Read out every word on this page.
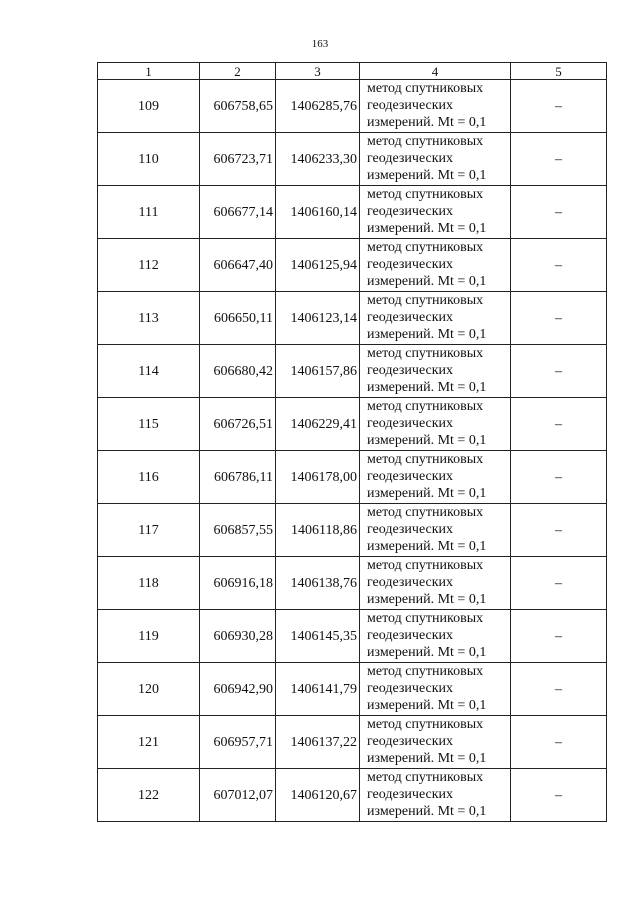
163
1	2	3	4	5
109	606758,65	1406285,76	метод спутниковых
геодезических
измерений. Mt = 0,1	–
110	606723,71	1406233,30	метод спутниковых
геодезических
измерений. Mt = 0,1	–
111	606677,14	1406160,14	метод спутниковых
геодезических
измерений. Mt = 0,1	–
112	606647,40	1406125,94	метод спутниковых
геодезических
измерений. Mt = 0,1	–
113	606650,11	1406123,14	метод спутниковых
геодезических
измерений. Mt = 0,1	–
114	606680,42	1406157,86	метод спутниковых
геодезических
измерений. Mt = 0,1	–
115	606726,51	1406229,41	метод спутниковых
геодезических
измерений. Mt = 0,1	–
116	606786,11	1406178,00	метод спутниковых
геодезических
измерений. Mt = 0,1	–
117	606857,55	1406118,86	метод спутниковых
геодезических
измерений. Mt = 0,1	–
118	606916,18	1406138,76	метод спутниковых
геодезических
измерений. Mt = 0,1	–
119	606930,28	1406145,35	метод спутниковых
геодезических
измерений. Mt = 0,1	–
120	606942,90	1406141,79	метод спутниковых
геодезических
измерений. Mt = 0,1	–
121	606957,71	1406137,22	метод спутниковых
геодезических
измерений. Mt = 0,1	–
122	607012,07	1406120,67	метод спутниковых
геодезических
измерений. Mt = 0,1	–
